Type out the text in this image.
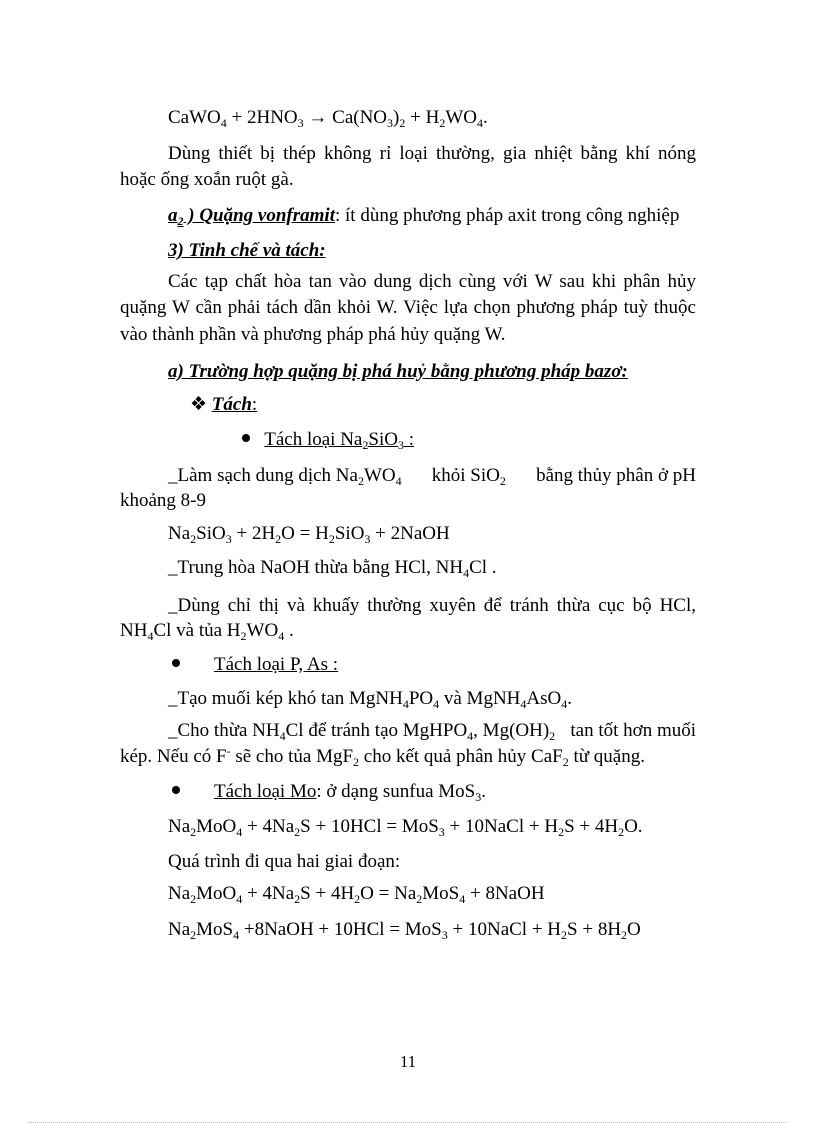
CaWO$_4$ + $2HNO_3 \to Ca(NO_3)_2 + H_2WO_4$.
Dùng thiết bị thép không rỉ loại thường, gia nhiệt bằng khí nóng
hoặc ống xoắn ruột gà.
$a_2$ ) Quặng vonframit: ít dùng phương pháp axit trong công nghiệp
3) Tinh chế và tách:
Các tạp chất hòa tan vào dung dịch cùng với W sau khi phân hủy
quặng W cần phải tách dần khỏi W. Việc lựa chọn phương pháp tuỳ thuộc
vào thành phần và phương pháp phá hủy quặng W.
a) Trường hợp quặng bị phá huỷ bằng phương pháp bazơ:
❖ Tách:
Tách loại $Na_2SiO_3$ :
_Làm sạch dung dịch $Na_2WO_4$ khỏi SiO$_2$ bằng thủy phân ở pH
khoảng 8-9
$Na_2SiO_3 + 2H_2O = H_2SiO_3$ + 2NaOH
_Trung hòa NaOH thừa bằng HCl, $NH_4Cl$ .
_Dùng chỉ thị và khuấy thường xuyên để tránh thừa cục bộ HCl,
$NH_4Cl$ và tủa $H_2WO_4$ .
Tách loại P, As :
_Tạo muối kép khó $\tan MgNH_4PO_4$ và MgNH$_4$AsO$_4$.
_Cho thừa $NH_4Cl$ để tránh tạo MgHPO$_4$, $Mg(OH)_2$ tan tốt hơn muối
kép. Nếu có F- sẽ cho tủa MgF$_2$ cho kết quả phân hủy CaF$_2$ từ quặng.
Tách loại Mo: ở dạng sunfua MoS$_3$.
$Na_2MoO_4 + 4Na_2S + 10HCl = MoS_3$ + 10NaCl + $H_2S + 4H_2O$.
Quá trình đi qua hai giai đoạn:
$Na_2MoO_4 + 4Na_2S + 4H_2O = Na_2MoS_4$ + 8NaOH
$Na_2MoS_4$ +8NaOH + 10HCl = MoS$_3$ + 10NaCl + $H_2S + 8H_2O$
11
